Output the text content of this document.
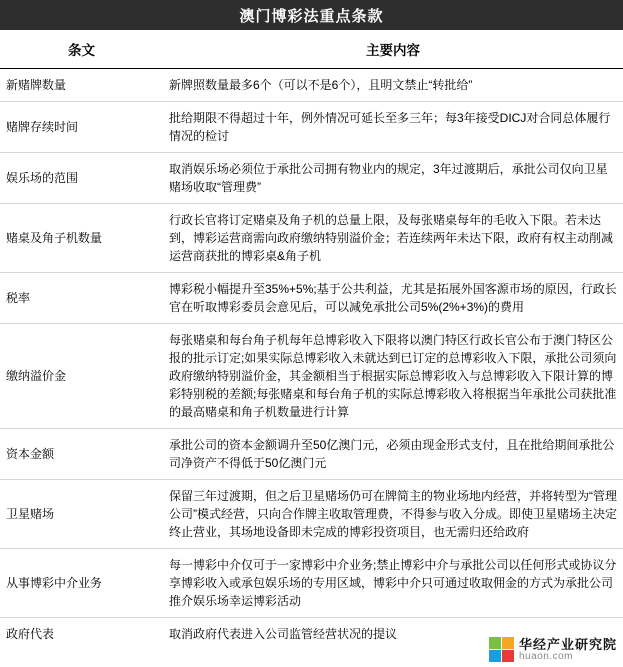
澳门博彩法重点条款
条文	主要内容
新赌牌数量	新牌照数量最多6个（可以不是6个），且明文禁止“转批给”
赌牌存续时间	批给期限不得超过十年，例外情况可延长至多三年；每3年接受DICJ对合同总体履行情况的检讨
娱乐场的范围	取消娱乐场必须位于承批公司拥有物业内的规定，3年过渡期后，承批公司仅向卫星赌场收取“管理费”
赌桌及角子机数量	行政长官将订定赌桌及角子机的总量上限，及每张赌桌每年的毛收入下限。若未达到，博彩运营商需向政府缴纳特别溢价金；若连续两年未达下限，政府有权主动削减运营商获批的博彩桌&角子机
税率	博彩税小幅提升至35%+5%;基于公共利益，尤其是拓展外国客源市场的原因，行政长官在听取博彩委员会意见后，可以减免承批公司5%(2%+3%)的费用
缴纳溢价金	每张赌桌和每台角子机每年总博彩收入下限将以澳门特区行政长官公布于澳门特区公报的批示订定;如果实际总博彩收入未就达到已订定的总博彩收入下限，承批公司须向政府缴纳特别溢价金，其金额相当于根据实际总博彩收入与总博彩收入下限计算的博彩特别税的差额;每张赌桌和每台角子机的实际总博彩收入将根据当年承批公司获批准的最高赌桌和角子机数量进行计算
资本金额	承批公司的资本金额调升至50亿澳门元，必须由现金形式支付，且在批给期间承批公司净资产不得低于50亿澳门元
卫星赌场	保留三年过渡期，但之后卫星赌场仍可在牌简主的物业场地内经营，并将转型为“管理公司”模式经营，只向合作牌主收取管理费，不得参与收入分成。即使卫星赌场主决定终止营业，其场地设备即未完成的博彩投资项目，也无需归还给政府
从事博彩中介业务	每一博彩中介仅可于一家博彩中介业务;禁止博彩中介与承批公司以任何形式或协议分享博彩收入或承包娱乐场的专用区域，博彩中介只可通过收取佣金的方式为承批公司推介娱乐场幸运博彩活动
政府代表	取消政府代表进入公司监管经营状况的提议
华经产业研究院
huaon.com
